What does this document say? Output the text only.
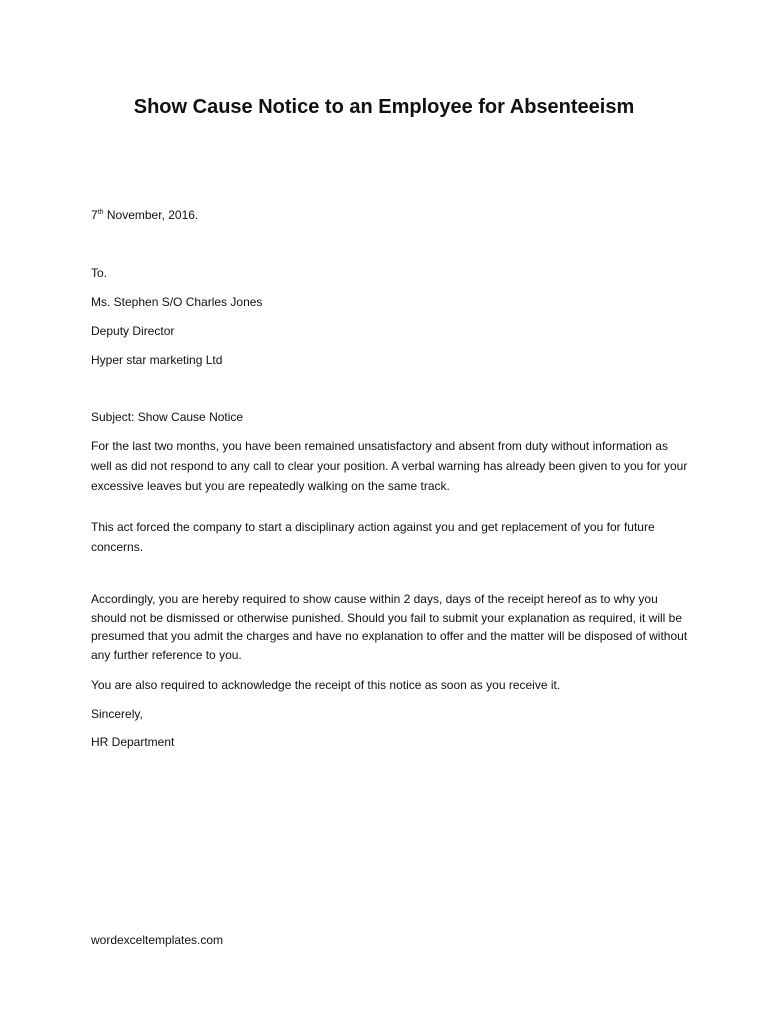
Show Cause Notice to an Employee for Absenteeism
7th November, 2016.
To.
Ms. Stephen S/O Charles Jones
Deputy Director
Hyper star marketing Ltd
Subject: Show Cause Notice
For the last two months, you have been remained unsatisfactory and absent from duty without information as well as did not respond to any call to clear your position. A verbal warning has already been given to you for your excessive leaves but you are repeatedly walking on the same track.
This act forced the company to start a disciplinary action against you and get replacement of you for future concerns.
Accordingly, you are hereby required to show cause within 2 days, days of the receipt hereof as to why you should not be dismissed or otherwise punished. Should you fail to submit your explanation as required, it will be presumed that you admit the charges and have no explanation to offer and the matter will be disposed of without any further reference to you.
You are also required to acknowledge the receipt of this notice as soon as you receive it.
Sincerely,
HR Department
wordexceltemplates.com
